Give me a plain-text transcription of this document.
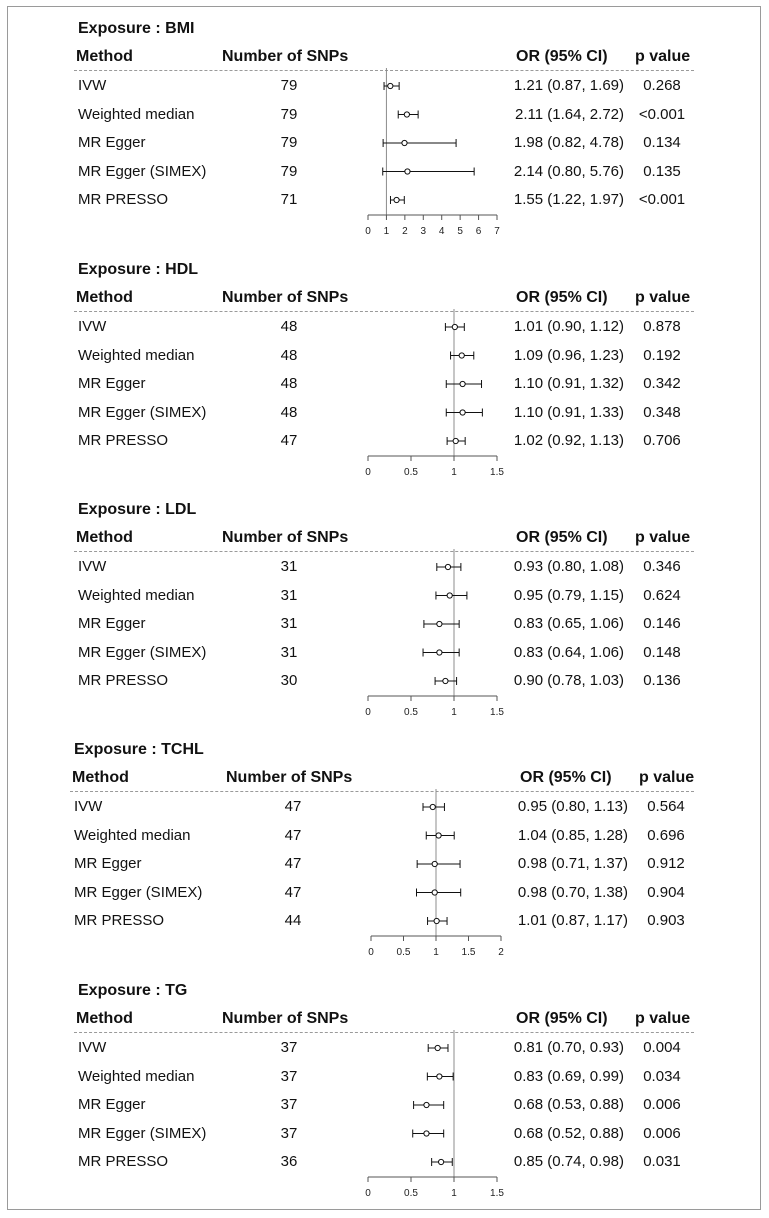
Exposure : BMI
Method	Number of SNPs	OR (95% CI) p value
IVW	79	1.21 (0.87, 1.69)	0.268
Weighted median	79	2.11 (1.64, 2.72) <0.001
MR Egger	79	1.98 (0.82, 4.78)	0.134
MR Egger (SIMEX)	79	2.14 (0.80, 5.76)	0.135
MR PRESSO	71	1.55 (1.22, 1.97) <0.001
0 1 2 3 4 5 6 7
Exposure : HDL
Method	Number of SNPs	OR (95% CI) p value
IVW	48	1.01 (0.90, 1.12)	0.878
Weighted median	48	1.09 (0.96, 1.23)	0.192
MR Egger	48	1.10 (0.91, 1.32)	0.342
MR Egger (SIMEX)	48	1.10 (0.91, 1.33)	0.348
MR PRESSO	47	1.02 (0.92, 1.13)	0.706
0	0.5	1	1.5
Exposure : LDL
Method	Number of SNPs	OR (95% CI) p value
IVW	31	0.93 (0.80, 1.08)	0.346
Weighted median	31	0.95 (0.79, 1.15)	0.624
MR Egger	31	0.83 (0.65, 1.06)	0.146
MR Egger (SIMEX)	31	0.83 (0.64, 1.06)	0.148
MR PRESSO	30	0.90 (0.78, 1.03)	0.136
0	0.5	1	1.5
Exposure : TCHL
Method	Number of SNPs	OR (95% CI) p value
IVW	47	0.95 (0.80, 1.13)	0.564
Weighted median	47	1.04 (0.85, 1.28)	0.696
MR Egger	47	0.98 (0.71, 1.37)	0.912
MR Egger (SIMEX)	47	0.98 (0.70, 1.38)	0.904
MR PRESSO	44	1.01 (0.87, 1.17)	0.903
0 0.5 1 1.5 2
Exposure : TG
Method	Number of SNPs	OR (95% CI) p value
IVW	37	0.81 (0.70, 0.93)	0.004
Weighted median	37	0.83 (0.69, 0.99)	0.034
MR Egger	37	0.68 (0.53, 0.88)	0.006
MR Egger (SIMEX)	37	0.68 (0.52, 0.88)	0.006
MR PRESSO	36	0.85 (0.74, 0.98)	0.031
0	0.5	1	1.5
